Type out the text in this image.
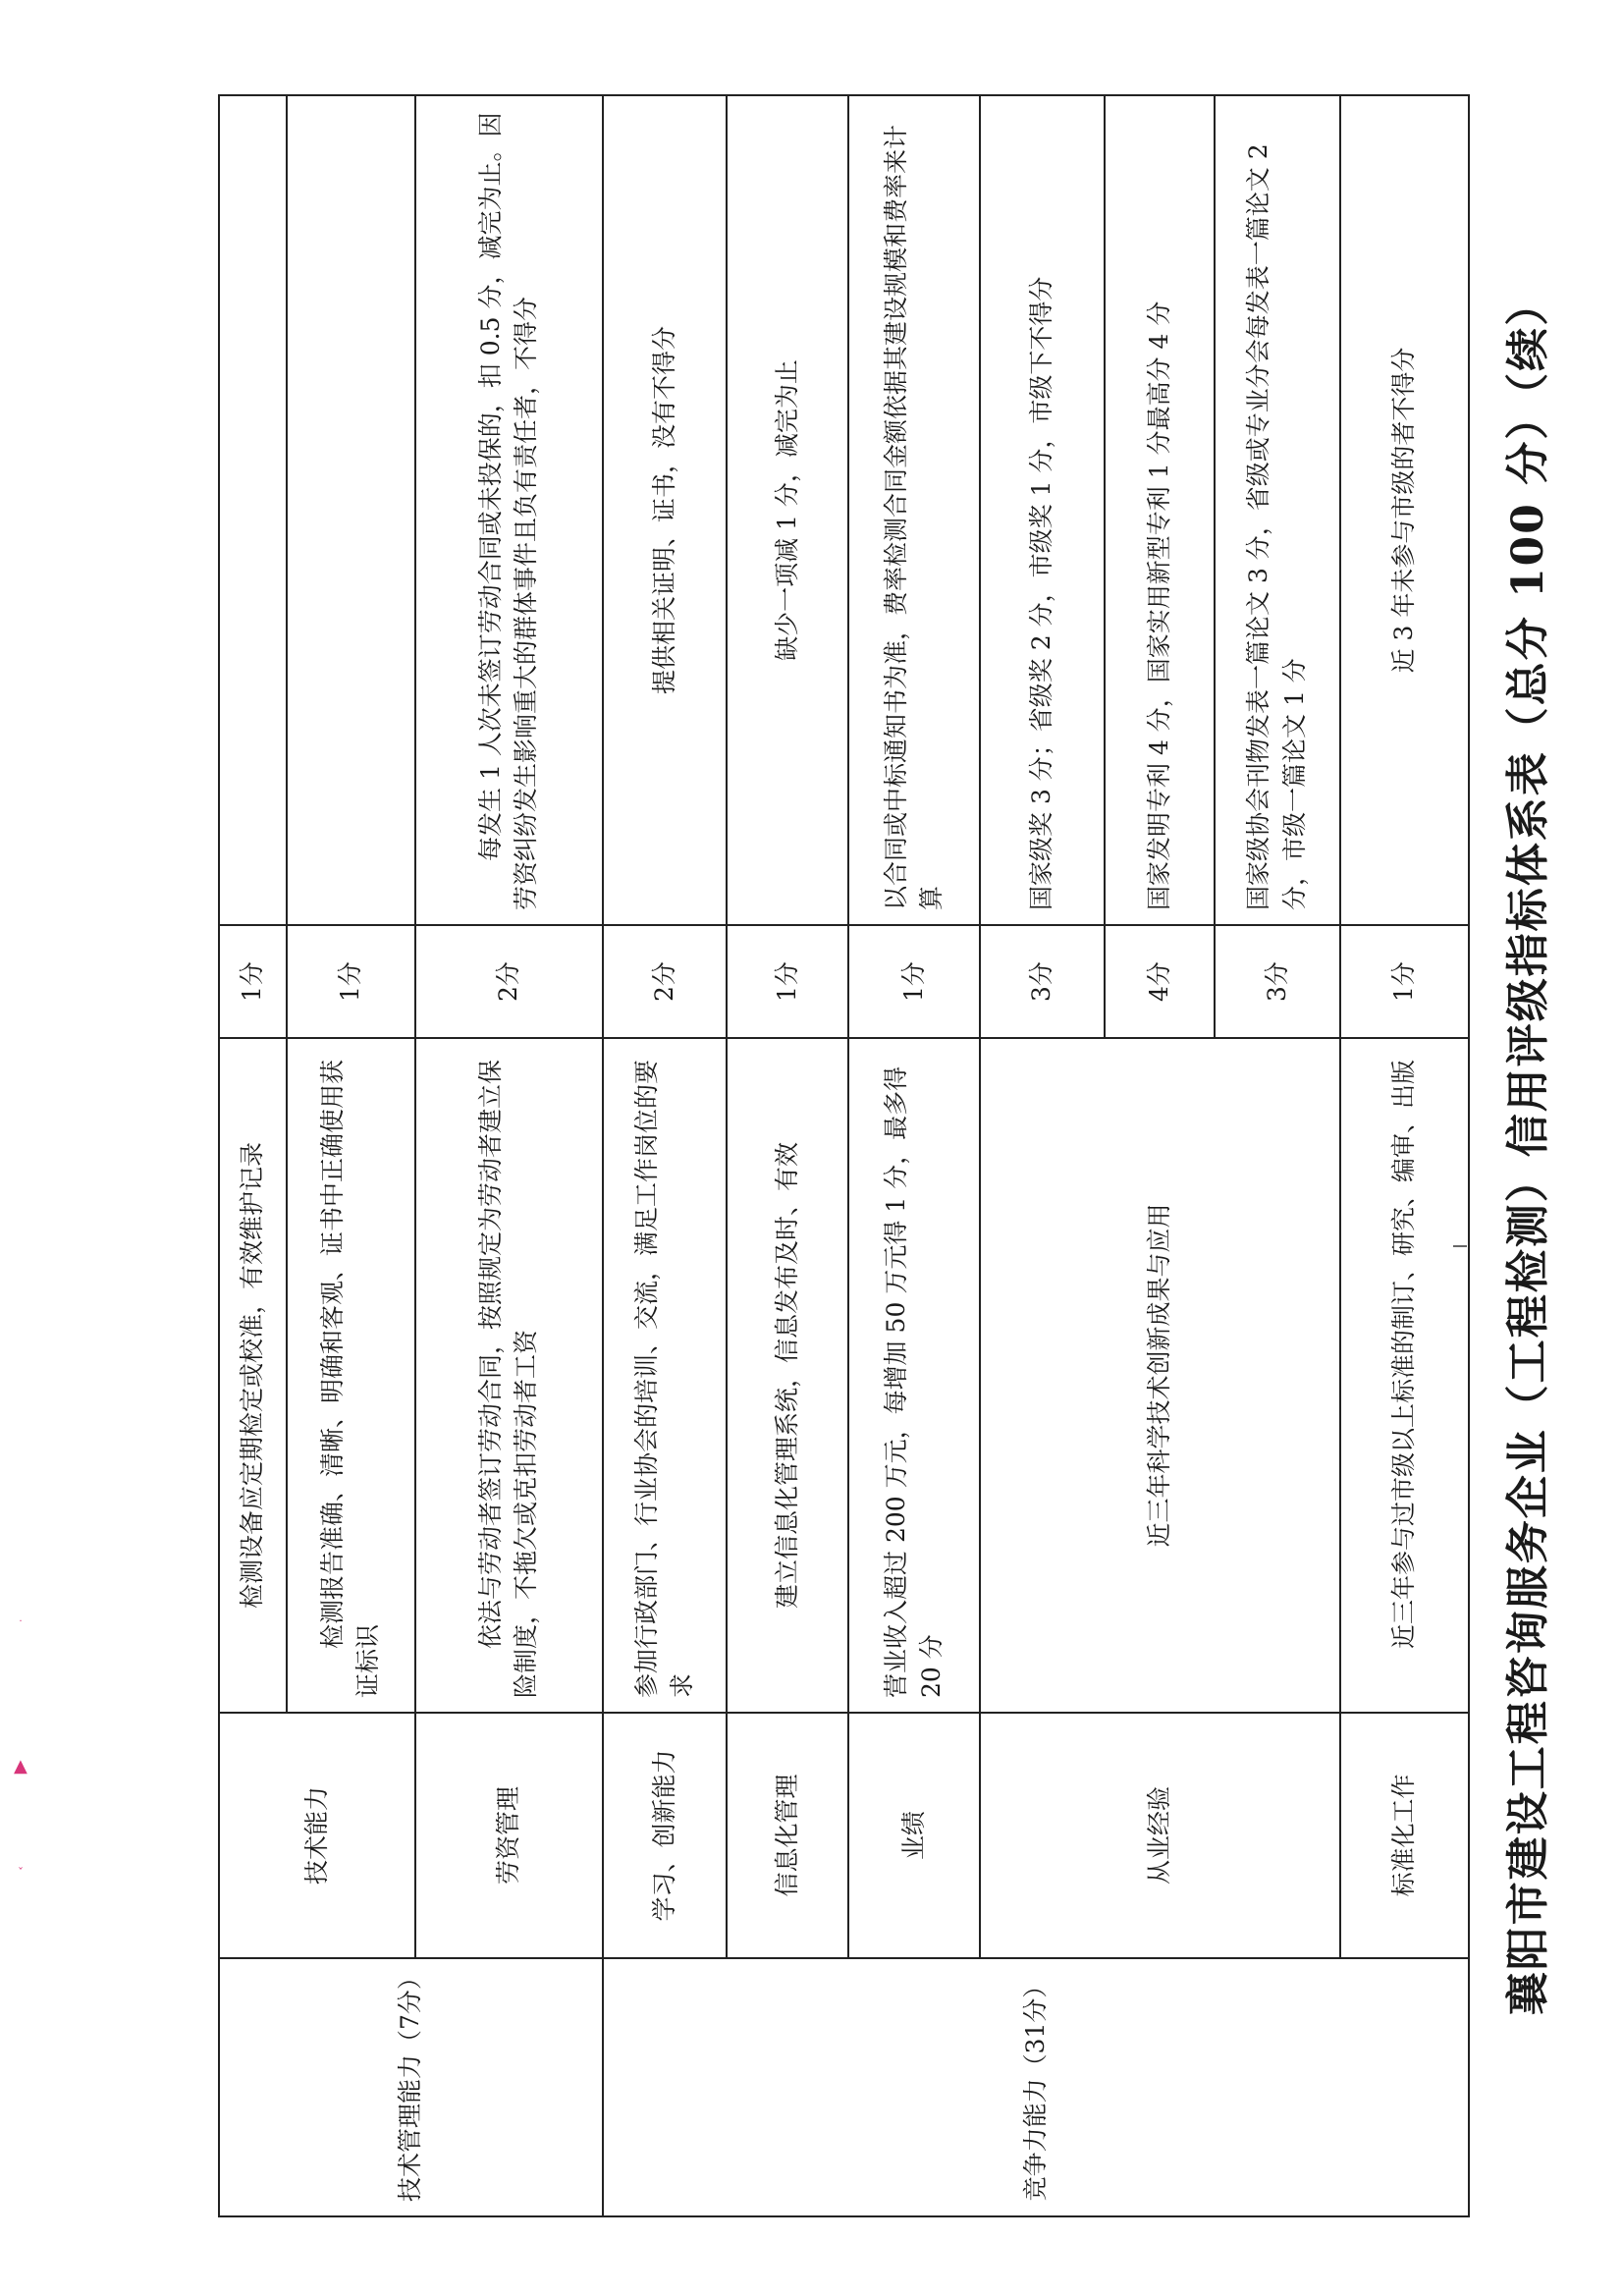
▲
˙
ˇ	襄阳市建设工程咨询服务企业（工程检测）信用评级指标体系表（总分 100 分）（续）
技术管理能力（7分）	技术能力	检测设备应定期检定或校准，有效维护记录	1分	
		检测报告准确、清晰、明确和客观、证书中正确使用获证标识	1分	
	劳资管理	依法与劳动者签订劳动合同，按照规定为劳动者建立保险制度，不拖欠或克扣劳动者工资	2分	每发生 1 人次未签订劳动合同或未投保的，扣 0.5 分，减完为止。因劳资纠纷发生影响重大的群体事件且负有责任者，不得分
竞争力能力（31分）	学习、创新能力	参加行政部门、行业协会的培训、交流，满足工作岗位的要求	2分	提供相关证明、证书，没有不得分
	信息化管理	建立信息化管理系统，信息发布及时、有效	1分	缺少一项减 1 分，减完为止
	业绩	营业收入超过 200 万元，每增加 50 万元得 1 分，最多得 20 分	1分	以合同或中标通知书为准，费率检测合同金额依据其建设规模和费率来计算
	从业经验	近三年科学技术创新成果与应用	3分	国家级奖 3 分；省级奖 2 分，市级奖 1 分，市级下不得分
			4分	国家发明专利 4 分，国家实用新型专利 1 分最高分 4 分
			3分	国家级协会刊物发表一篇论文 3 分，省级或专业分会每发表一篇论文 2 分，市级一篇论文 1 分
	标准化工作	近三年参与过市级以上标准的制订、研究、编审、出版	1分	近 3 年未参与市级的者不得分
